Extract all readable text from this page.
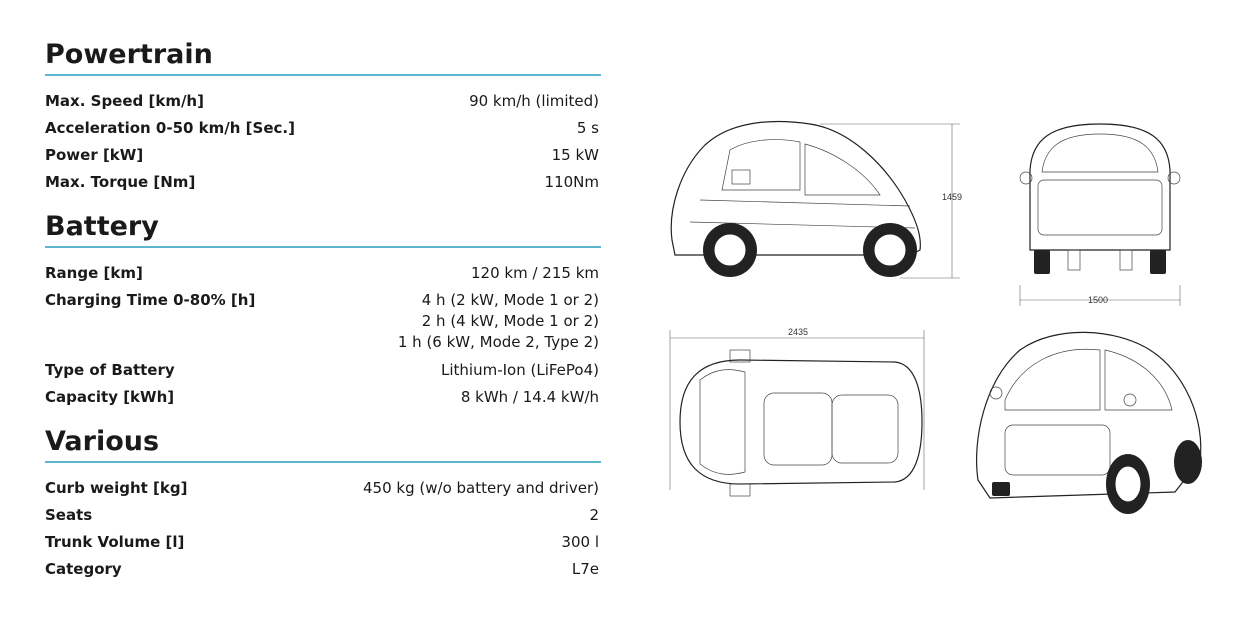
Powertrain
Max. Speed [km/h]	90 km/h (limited)
Acceleration 0-50 km/h [Sec.]	5 s
Power [kW]	15 kW
Max. Torque [Nm]	110Nm
Battery
Range [km]	120 km / 215 km
Charging Time 0-80% [h]	4 h (2 kW, Mode 1 or 2)
2 h (4 kW, Mode 1 or 2)
1 h (6 kW, Mode 2, Type 2)
Type of Battery	Lithium-Ion (LiFePo4)
Capacity [kWh]	8 kWh / 14.4 kW/h
Various
Curb weight [kg]	450 kg (w/o battery and driver)
Seats	2
Trunk Volume [l]	300 l
Category	L7e
1459
1500
2435
